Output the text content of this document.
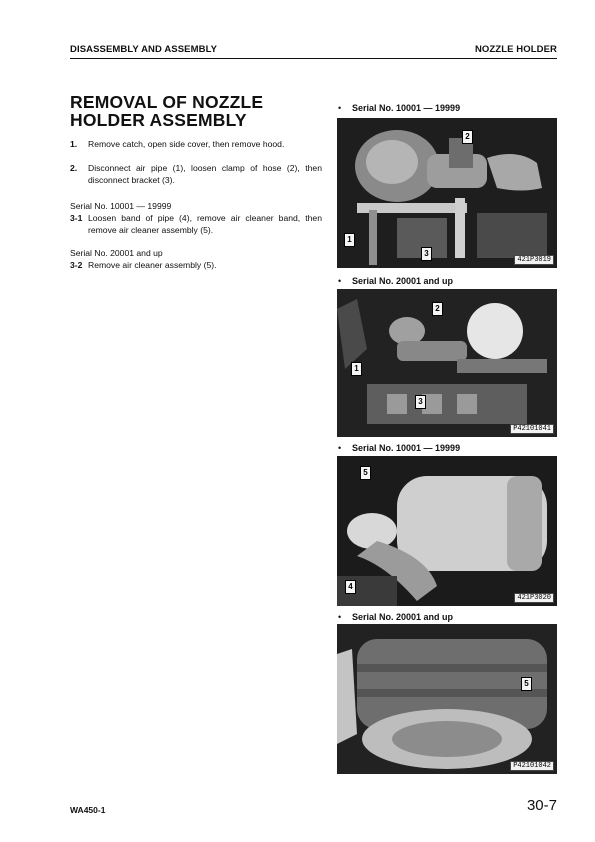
DISASSEMBLY AND ASSEMBLY	NOZZLE HOLDER
REMOVAL OF NOZZLE HOLDER ASSEMBLY
1.	Remove catch, open side cover, then remove hood.
2.	Disconnect air pipe (1), loosen clamp of hose (2), then disconnect bracket (3).
Serial No. 10001 — 19999
3-1 Loosen band of pipe (4), remove air cleaner band, then remove air cleaner assembly (5).
Serial No. 20001 and up
3-2 Remove air cleaner assembly (5).
• Serial No. 10001 — 19999
2
1
3
421P3019
• Serial No. 20001 and up
2
1
3
P42101041
• Serial No. 10001 — 19999
5
4
421P3020
• Serial No. 20001 and up
5
P42101042
WA450-1	30-7
